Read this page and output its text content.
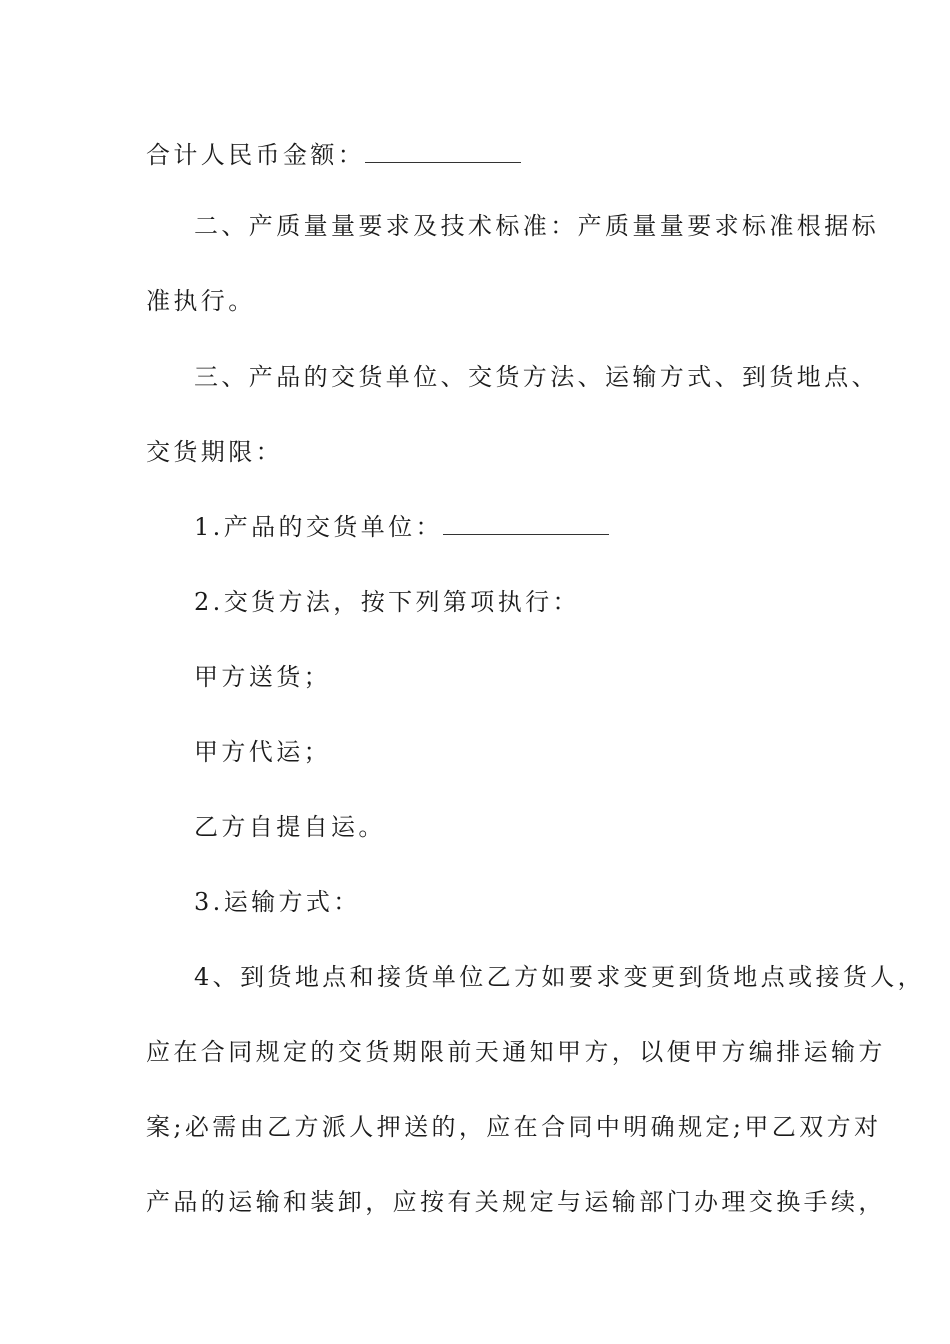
合计人民币金额：
二、产质量量要求及技术标准：产质量量要求标准根据标
准执行。
三、产品的交货单位、交货方法、运输方式、到货地点、
交货期限：
1.产品的交货单位：
2.交货方法，按下列第项执行：
甲方送货；
甲方代运；
乙方自提自运。
3.运输方式：
4、到货地点和接货单位乙方如要求变更到货地点或接货人，
应在合同规定的交货期限前天通知甲方，以便甲方编排运输方
案;必需由乙方派人押送的，应在合同中明确规定;甲乙双方对
产品的运输和装卸，应按有关规定与运输部门办理交换手续，
